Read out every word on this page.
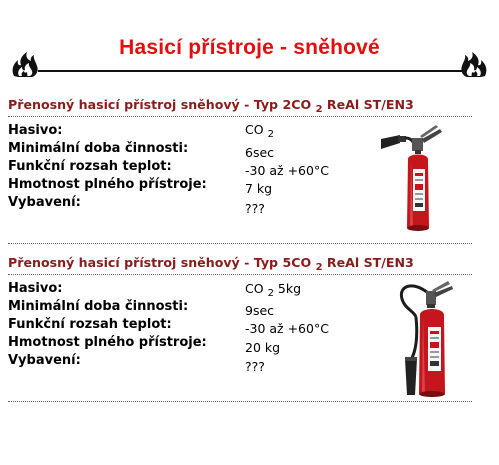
Hasicí přístroje - sněhové
Přenosný hasicí přístroj sněhový - Typ 2CO $_2$ ReAl ST/EN3
Hasivo:
Minimální doba činnosti:
Funkční rozsah teplot:
Hmotnost plného přístroje:
Vybavení:
CO $_2$
6sec
-30 až +60°C
7 kg
???
Přenosný hasicí přístroj sněhový - Typ 5CO $_2$ ReAl ST/EN3
Hasivo:
Minimální doba činnosti:
Funkční rozsah teplot:
Hmotnost plného přístroje:
Vybavení:
CO $_2$ 5kg
9sec
-30 až +60°C
20 kg
???
